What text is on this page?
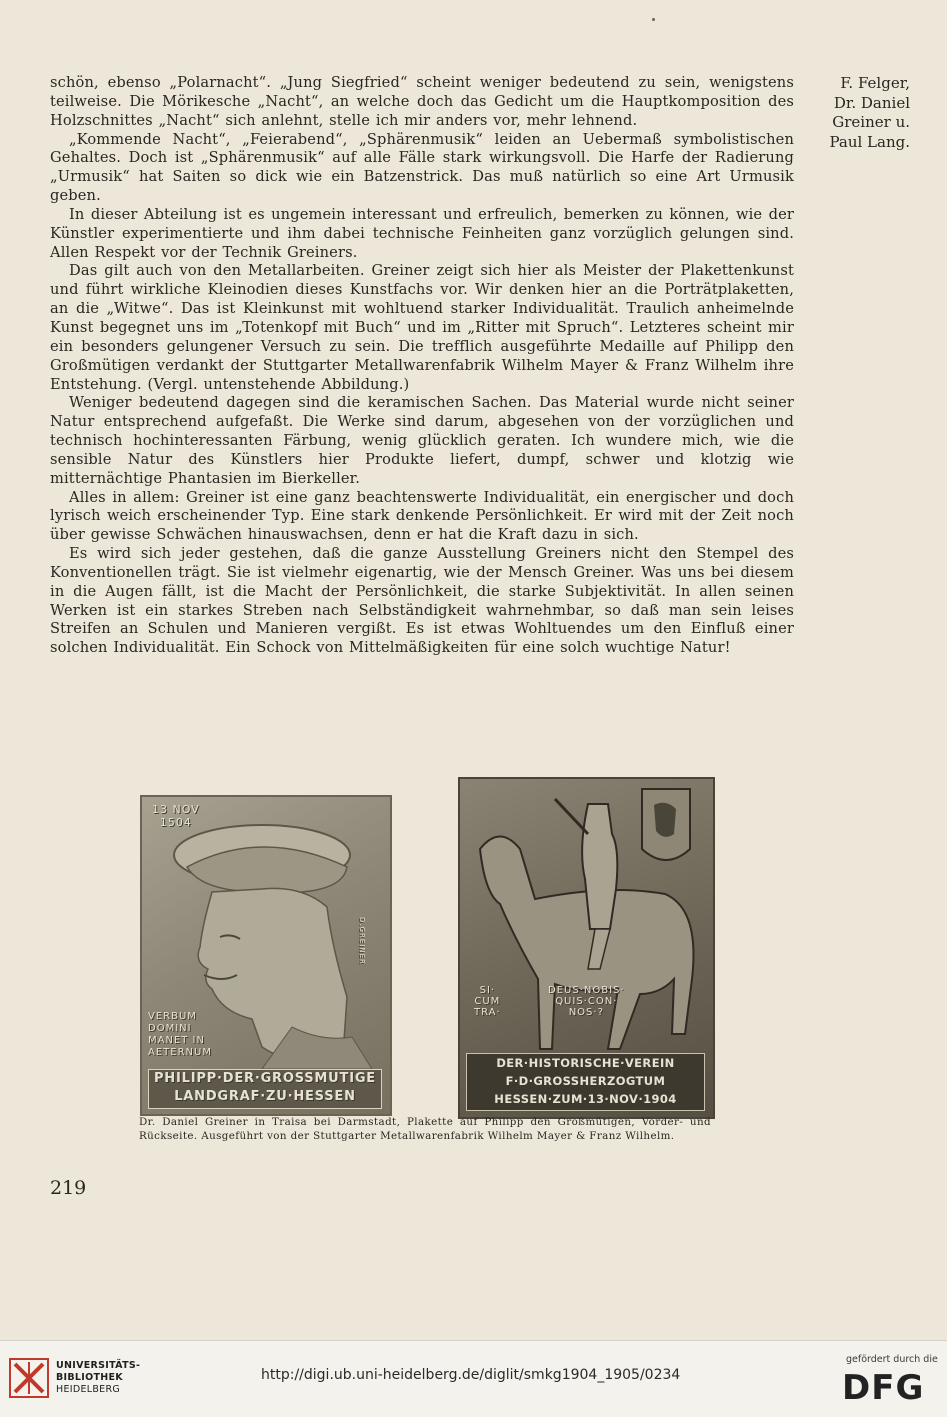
F. Felger,
Dr. Daniel
Greiner u.
Paul Lang.

schön, ebenso „Polarnacht“. „Jung Siegfried“ scheint weniger bedeutend zu sein, wenigstens teilweise. Die Mörikesche „Nacht“, an welche doch das Gedicht um die Hauptkomposition des Holzschnittes „Nacht“ sich anlehnt, stelle ich mir anders vor, mehr lehnend.

„Kommende Nacht“, „Feierabend“, „Sphärenmusik“ leiden an Uebermaß symbolistischen Gehaltes. Doch ist „Sphärenmusik“ auf alle Fälle stark wirkungsvoll. Die Harfe der Radierung „Urmusik“ hat Saiten so dick wie ein Batzenstrick. Das muß natürlich so eine Art Urmusik geben.

In dieser Abteilung ist es ungemein interessant und erfreulich, bemerken zu können, wie der Künstler experimentierte und ihm dabei technische Feinheiten ganz vorzüglich gelungen sind. Allen Respekt vor der Technik Greiners.

Das gilt auch von den Metallarbeiten. Greiner zeigt sich hier als Meister der Plakettenkunst und führt wirkliche Kleinodien dieses Kunstfachs vor. Wir denken hier an die Porträtplaketten, an die „Witwe“. Das ist Kleinkunst mit wohltuend starker Individualität. Traulich anheimelnde Kunst begegnet uns im „Totenkopf mit Buch“ und im „Ritter mit Spruch“. Letzteres scheint mir ein besonders gelungener Versuch zu sein. Die trefflich ausgeführte Medaille auf Philipp den Großmütigen verdankt der Stuttgarter Metallwarenfabrik Wilhelm Mayer & Franz Wilhelm ihre Entstehung. (Vergl. untenstehende Abbildung.)

Weniger bedeutend dagegen sind die keramischen Sachen. Das Material wurde nicht seiner Natur entsprechend aufgefaßt. Die Werke sind darum, abgesehen von der vorzüglichen und technisch hochinteressanten Färbung, wenig glücklich geraten. Ich wundere mich, wie die sensible Natur des Künstlers hier Produkte liefert, dumpf, schwer und klotzig wie mitternächtige Phantasien im Bierkeller.

Alles in allem: Greiner ist eine ganz beachtenswerte Individualität, ein energischer und doch lyrisch weich erscheinender Typ. Eine stark denkende Persönlichkeit. Er wird mit der Zeit noch über gewisse Schwächen hinauswachsen, denn er hat die Kraft dazu in sich.

Es wird sich jeder gestehen, daß die ganze Ausstellung Greiners nicht den Stempel des Konventionellen trägt. Sie ist vielmehr eigenartig, wie der Mensch Greiner. Was uns bei diesem in die Augen fällt, ist die Macht der Persönlichkeit, die starke Subjektivität. In allen seinen Werken ist ein starkes Streben nach Selbständigkeit wahrnehmbar, so daß man sein leises Streifen an Schulen und Manieren vergißt. Es ist etwas Wohltuendes um den Einfluß einer solchen Individualität. Ein Schock von Mittelmäßigkeiten für eine solch wuchtige Natur!

13 NOV
1504
VERBUM
DOMINI
MANET IN
AETERNUM
D.GREINER
PHILIPP·DER·GROSSMUTIGE
LANDGRAF·ZU·HESSEN
SI·
CUM
TRA·
DEUS·NOBIS·
QUIS·CON·
NOS·?
DER·HISTORISCHE·VEREIN
F·D·GROSSHERZOGTUM
HESSEN·ZUM·13·NOV·1904
Dr. Daniel Greiner in Traisa bei Darmstadt, Plakette auf Philipp den Großmütigen, Vorder- und Rückseite. Ausgeführt von der Stuttgarter Metallwarenfabrik Wilhelm Mayer & Franz Wilhelm.
219
UNIVERSITÄTS-
BIBLIOTHEK
HEIDELBERG
http://digi.ub.uni-heidelberg.de/diglit/smkg1904_1905/0234
gefördert durch die
DFG
